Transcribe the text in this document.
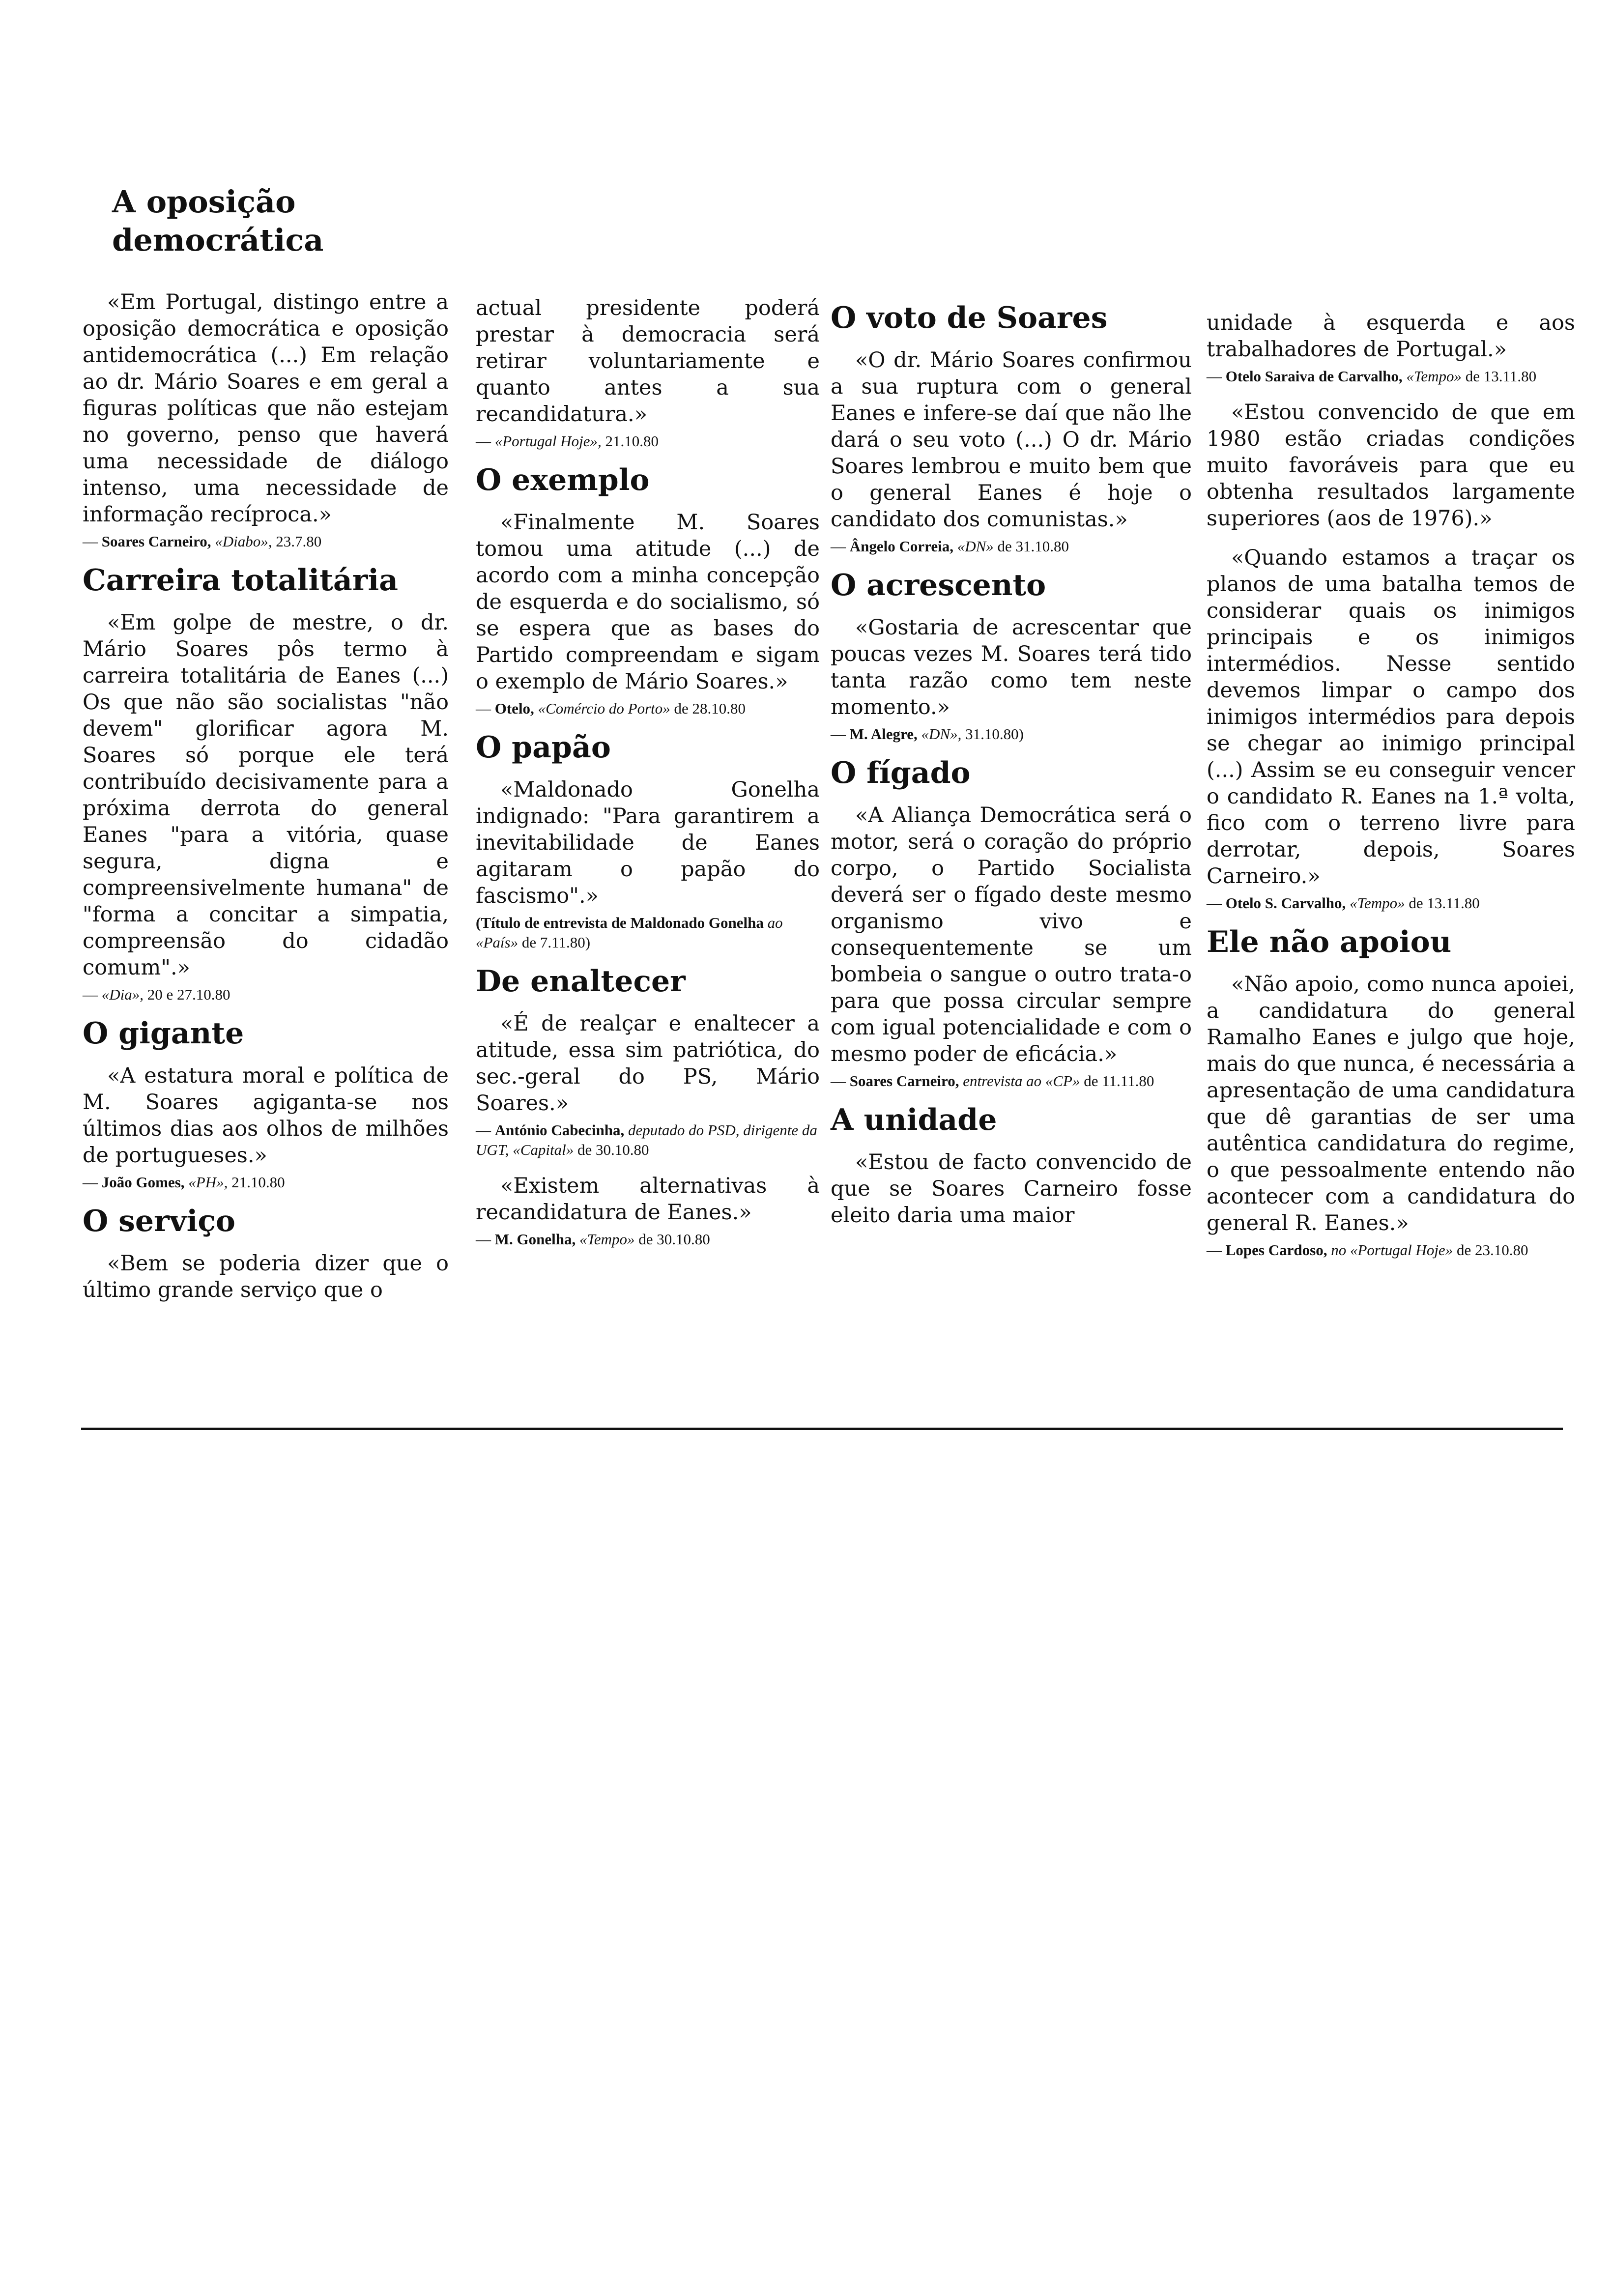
A oposição democrática

«Em Portugal, distingo entre a oposição democrática e oposição antidemocrática (...) Em relação ao dr. Mário Soares e em geral a figuras políticas que não estejam no governo, penso que haverá uma necessidade de diálogo intenso, uma necessidade de informação recíproca.»

— Soares Carneiro, «Diabo», 23.7.80
Carreira totalitária

«Em golpe de mestre, o dr. Mário Soares pôs termo à carreira totalitária de Eanes (...) Os que não são socialistas "não devem" glorificar agora M. Soares só porque ele terá contribuído decisivamente para a próxima derrota do general Eanes "para a vitória, quase segura, digna e compreensivelmente humana" de "forma a concitar a simpatia, compreensão do cidadão comum".»

— «Dia», 20 e 27.10.80
O gigante

«A estatura moral e política de M. Soares agiganta-se nos últimos dias aos olhos de milhões de portugueses.»

— João Gomes, «PH», 21.10.80
O serviço

«Bem se poderia dizer que o último grande serviço que o

actual presidente poderá prestar à democracia será retirar voluntariamente e quanto antes a sua recandidatura.»

— «Portugal Hoje», 21.10.80
O exemplo

«Finalmente M. Soares tomou uma atitude (...) de acordo com a minha concepção de esquerda e do socialismo, só se espera que as bases do Partido compreendam e sigam o exemplo de Mário Soares.»

— Otelo, «Comércio do Porto» de 28.10.80
O papão

«Maldonado Gonelha indignado: "Para garantirem a inevitabilidade de Eanes agitaram o papão do fascismo".»

(Título de entrevista de Maldonado Gonelha ao «País» de 7.11.80)
De enaltecer

«É de realçar e enaltecer a atitude, essa sim patriótica, do sec.-geral do PS, Mário Soares.»

— António Cabecinha, deputado do PSD, dirigente da UGT, «Capital» de 30.10.80

«Existem alternativas à recandidatura de Eanes.»

— M. Gonelha, «Tempo» de 30.10.80
O voto de Soares

«O dr. Mário Soares confirmou a sua ruptura com o general Eanes e infere-se daí que não lhe dará o seu voto (...) O dr. Mário Soares lembrou e muito bem que o general Eanes é hoje o candidato dos comunistas.»

— Ângelo Correia, «DN» de 31.10.80
O acrescento

«Gostaria de acrescentar que poucas vezes M. Soares terá tido tanta razão como tem neste momento.»

— M. Alegre, «DN», 31.10.80)
O fígado

«A Aliança Democrática será o motor, será o coração do próprio corpo, o Partido Socialista deverá ser o fígado deste mesmo organismo vivo e consequentemente se um bombeia o sangue o outro trata-o para que possa circular sempre com igual potencialidade e com o mesmo poder de eficácia.»

— Soares Carneiro, entrevista ao «CP» de 11.11.80
A unidade

«Estou de facto convencido de que se Soares Carneiro fosse eleito daria uma maior

unidade à esquerda e aos trabalhadores de Portugal.»

— Otelo Saraiva de Carvalho, «Tempo» de 13.11.80

«Estou convencido de que em 1980 estão criadas condições muito favoráveis para que eu obtenha resultados largamente superiores (aos de 1976).»

«Quando estamos a traçar os planos de uma batalha temos de considerar quais os inimigos principais e os inimigos intermédios. Nesse sentido devemos limpar o campo dos inimigos intermédios para depois se chegar ao inimigo principal (...) Assim se eu conseguir vencer o candidato R. Eanes na 1.ª volta, fico com o terreno livre para derrotar, depois, Soares Carneiro.»

— Otelo S. Carvalho, «Tempo» de 13.11.80
Ele não apoiou

«Não apoio, como nunca apoiei, a candidatura do general Ramalho Eanes e julgo que hoje, mais do que nunca, é necessária a apresentação de uma candidatura que dê garantias de ser uma autêntica candidatura do regime, o que pessoalmente entendo não acontecer com a candidatura do general R. Eanes.»

— Lopes Cardoso, no «Portugal Hoje» de 23.10.80
